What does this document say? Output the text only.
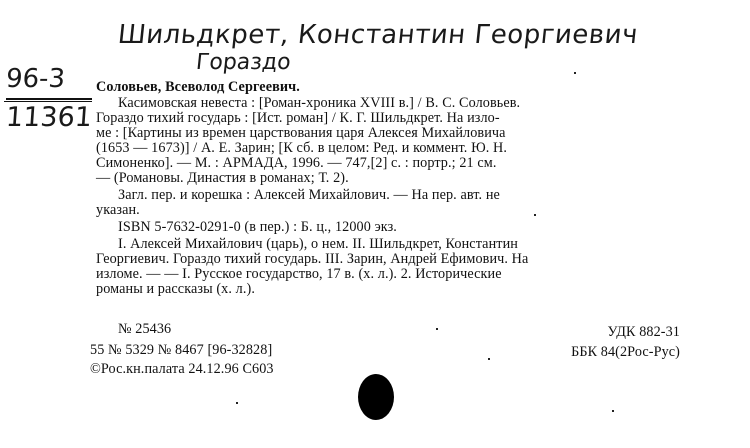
Шильдкрет, Константин Георгиевич
Гораздо
96-3
11361
Соловьев, Всеволод Сергеевич.
Касимовская невеста : [Роман-хроника XVIII в.] / В. С. Соловьев.
Гораздо тихий государь : [Ист. роман] / К. Г. Шильдкрет. На изло-
ме : [Картины из времен царствования царя Алексея Михайловича
(1653 — 1673)] / А. Е. Зарин; [К сб. в целом: Ред. и коммент. Ю. Н.
Симоненко]. — М. : АРМАДА, 1996. — 747,[2] с. : портр.; 21 см.
— (Романовы. Династия в романах; Т. 2).
Загл. пер. и корешка : Алексей Михайлович. — На пер. авт. не
указан.
ISBN 5-7632-0291-0 (в пер.) : Б. ц., 12000 экз.
I. Алексей Михайлович (царь), о нем. II. Шильдкрет, Константин
Георгиевич. Гораздо тихий государь. III. Зарин, Андрей Ефимович. На
изломе. — — I. Русское государство, 17 в. (х. л.). 2. Исторические
романы и рассказы (х. л.).
№ 25436
55 № 5329 № 8467 [96-32828]
©Рос.кн.палата 24.12.96 C603
УДК 882-31
ББК 84(2Рос-Рус)
